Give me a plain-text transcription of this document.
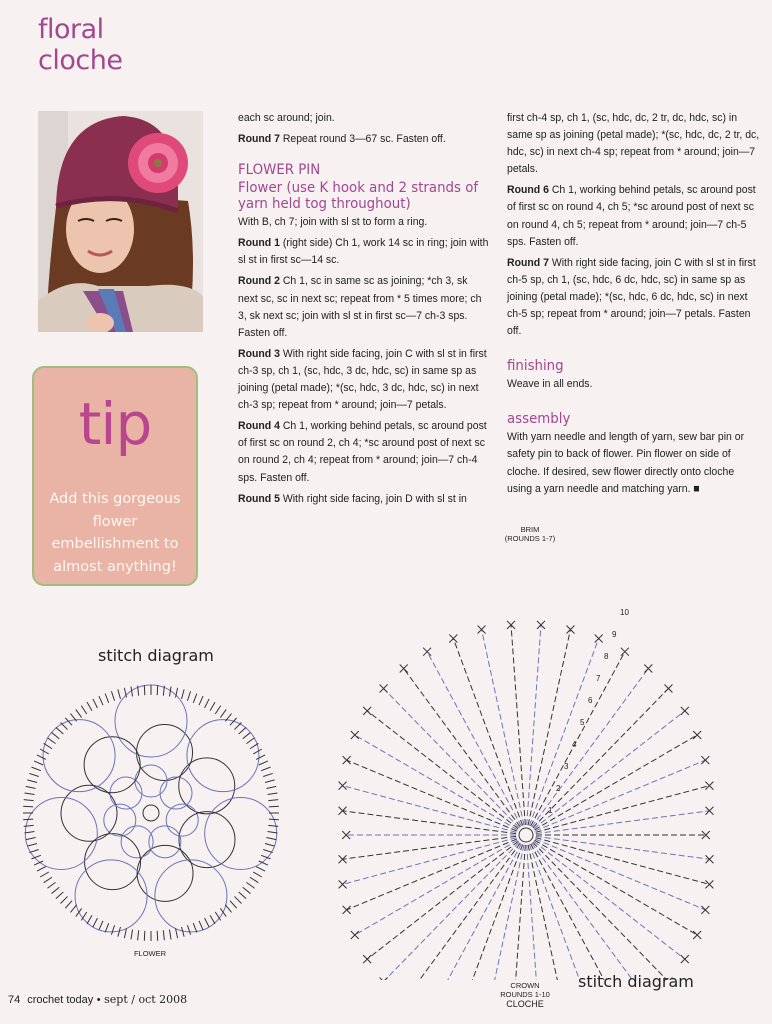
floral
cloche
tip
Add this gorgeous flower embellishment to almost anything!

each sc around; join.

Round 7 Repeat round 3—67 sc. Fasten off.

FLOWER PIN
Flower (use K hook and 2 strands of yarn held tog throughout)

With B, ch 7; join with sl st to form a ring.

Round 1 (right side) Ch 1, work 14 sc in ring; join with sl st in first sc—14 sc.

Round 2 Ch 1, sc in same sc as joining; *ch 3, sk next sc, sc in next sc; repeat from * 5 times more; ch 3, sk next sc; join with sl st in first sc—7 ch-3 sps. Fasten off.

Round 3 With right side facing, join C with sl st in first ch-3 sp, ch 1, (sc, hdc, 3 dc, hdc, sc) in same sp as joining (petal made); *(sc, hdc, 3 dc, hdc, sc) in next ch-3 sp; repeat from * around; join—7 petals.

Round 4 Ch 1, working behind petals, sc around post of first sc on round 2, ch 4; *sc around post of next sc on round 2, ch 4; repeat from * around; join—7 ch-4 sps. Fasten off.

Round 5 With right side facing, join D with sl st in

first ch-4 sp, ch 1, (sc, hdc, dc, 2 tr, dc, hdc, sc) in same sp as joining (petal made); *(sc, hdc, dc, 2 tr, dc, hdc, sc) in next ch-4 sp; repeat from * around; join—7 petals.

Round 6 Ch 1, working behind petals, sc around post of first sc on round 4, ch 5; *sc around post of next sc on round 4, ch 5; repeat from * around; join—7 ch-5 sps. Fasten off.

Round 7 With right side facing, join C with sl st in first ch-5 sp, ch 1, (sc, hdc, 6 dc, hdc, sc) in same sp as joining (petal made); *(sc, hdc, 6 dc, hdc, sc) in next ch-5 sp; repeat from * around; join—7 petals. Fasten off.

finishing

Weave in all ends.

assembly

With yarn needle and length of yarn, sew bar pin or safety pin to back of flower. Pin flower on side of cloche. If desired, sew flower directly onto cloche using a yarn needle and matching yarn. ■

stitch diagram
stitch diagram
BRIM
(ROUNDS 1-7)
FLOWER
CROWN
ROUNDS 1-10
CLOCHE
1
2
3
4
5
6
7
8
9
10
74 crochet today • sept / oct 2008
